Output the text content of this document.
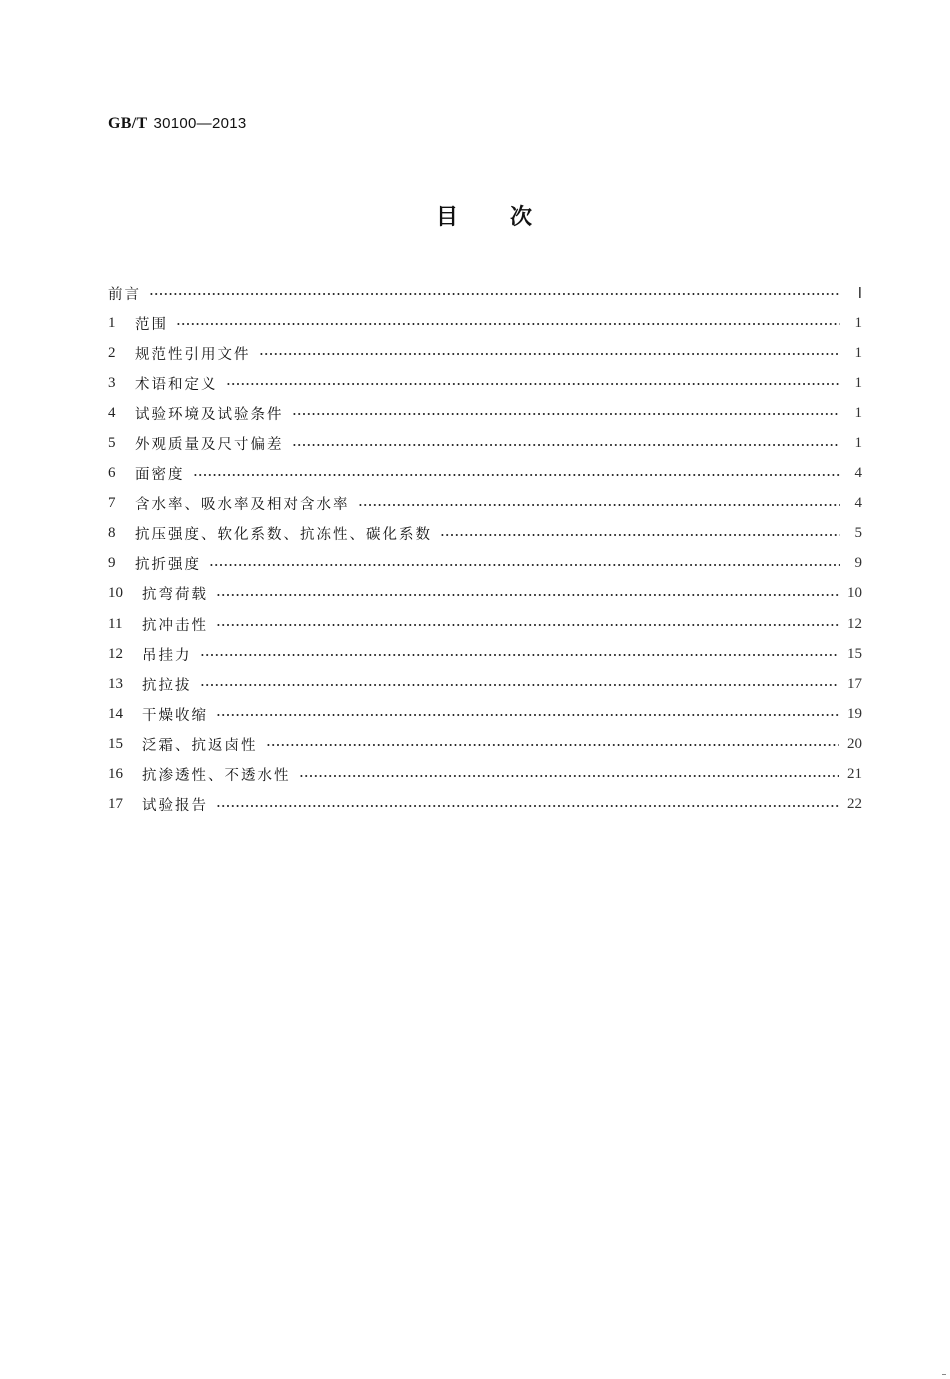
GB/T 30100—2013
目 次
前言	Ⅰ
1	范围	1
2	规范性引用文件	1
3	术语和定义	1
4	试验环境及试验条件	1
5	外观质量及尺寸偏差	1
6	面密度	4
7	含水率、吸水率及相对含水率	4
8	抗压强度、软化系数、抗冻性、碳化系数	5
9	抗折强度	9
10	抗弯荷载	10
11	抗冲击性	12
12	吊挂力	15
13	抗拉拔	17
14	干燥收缩	19
15	泛霜、抗返卤性	20
16	抗渗透性、不透水性	21
17	试验报告	22
